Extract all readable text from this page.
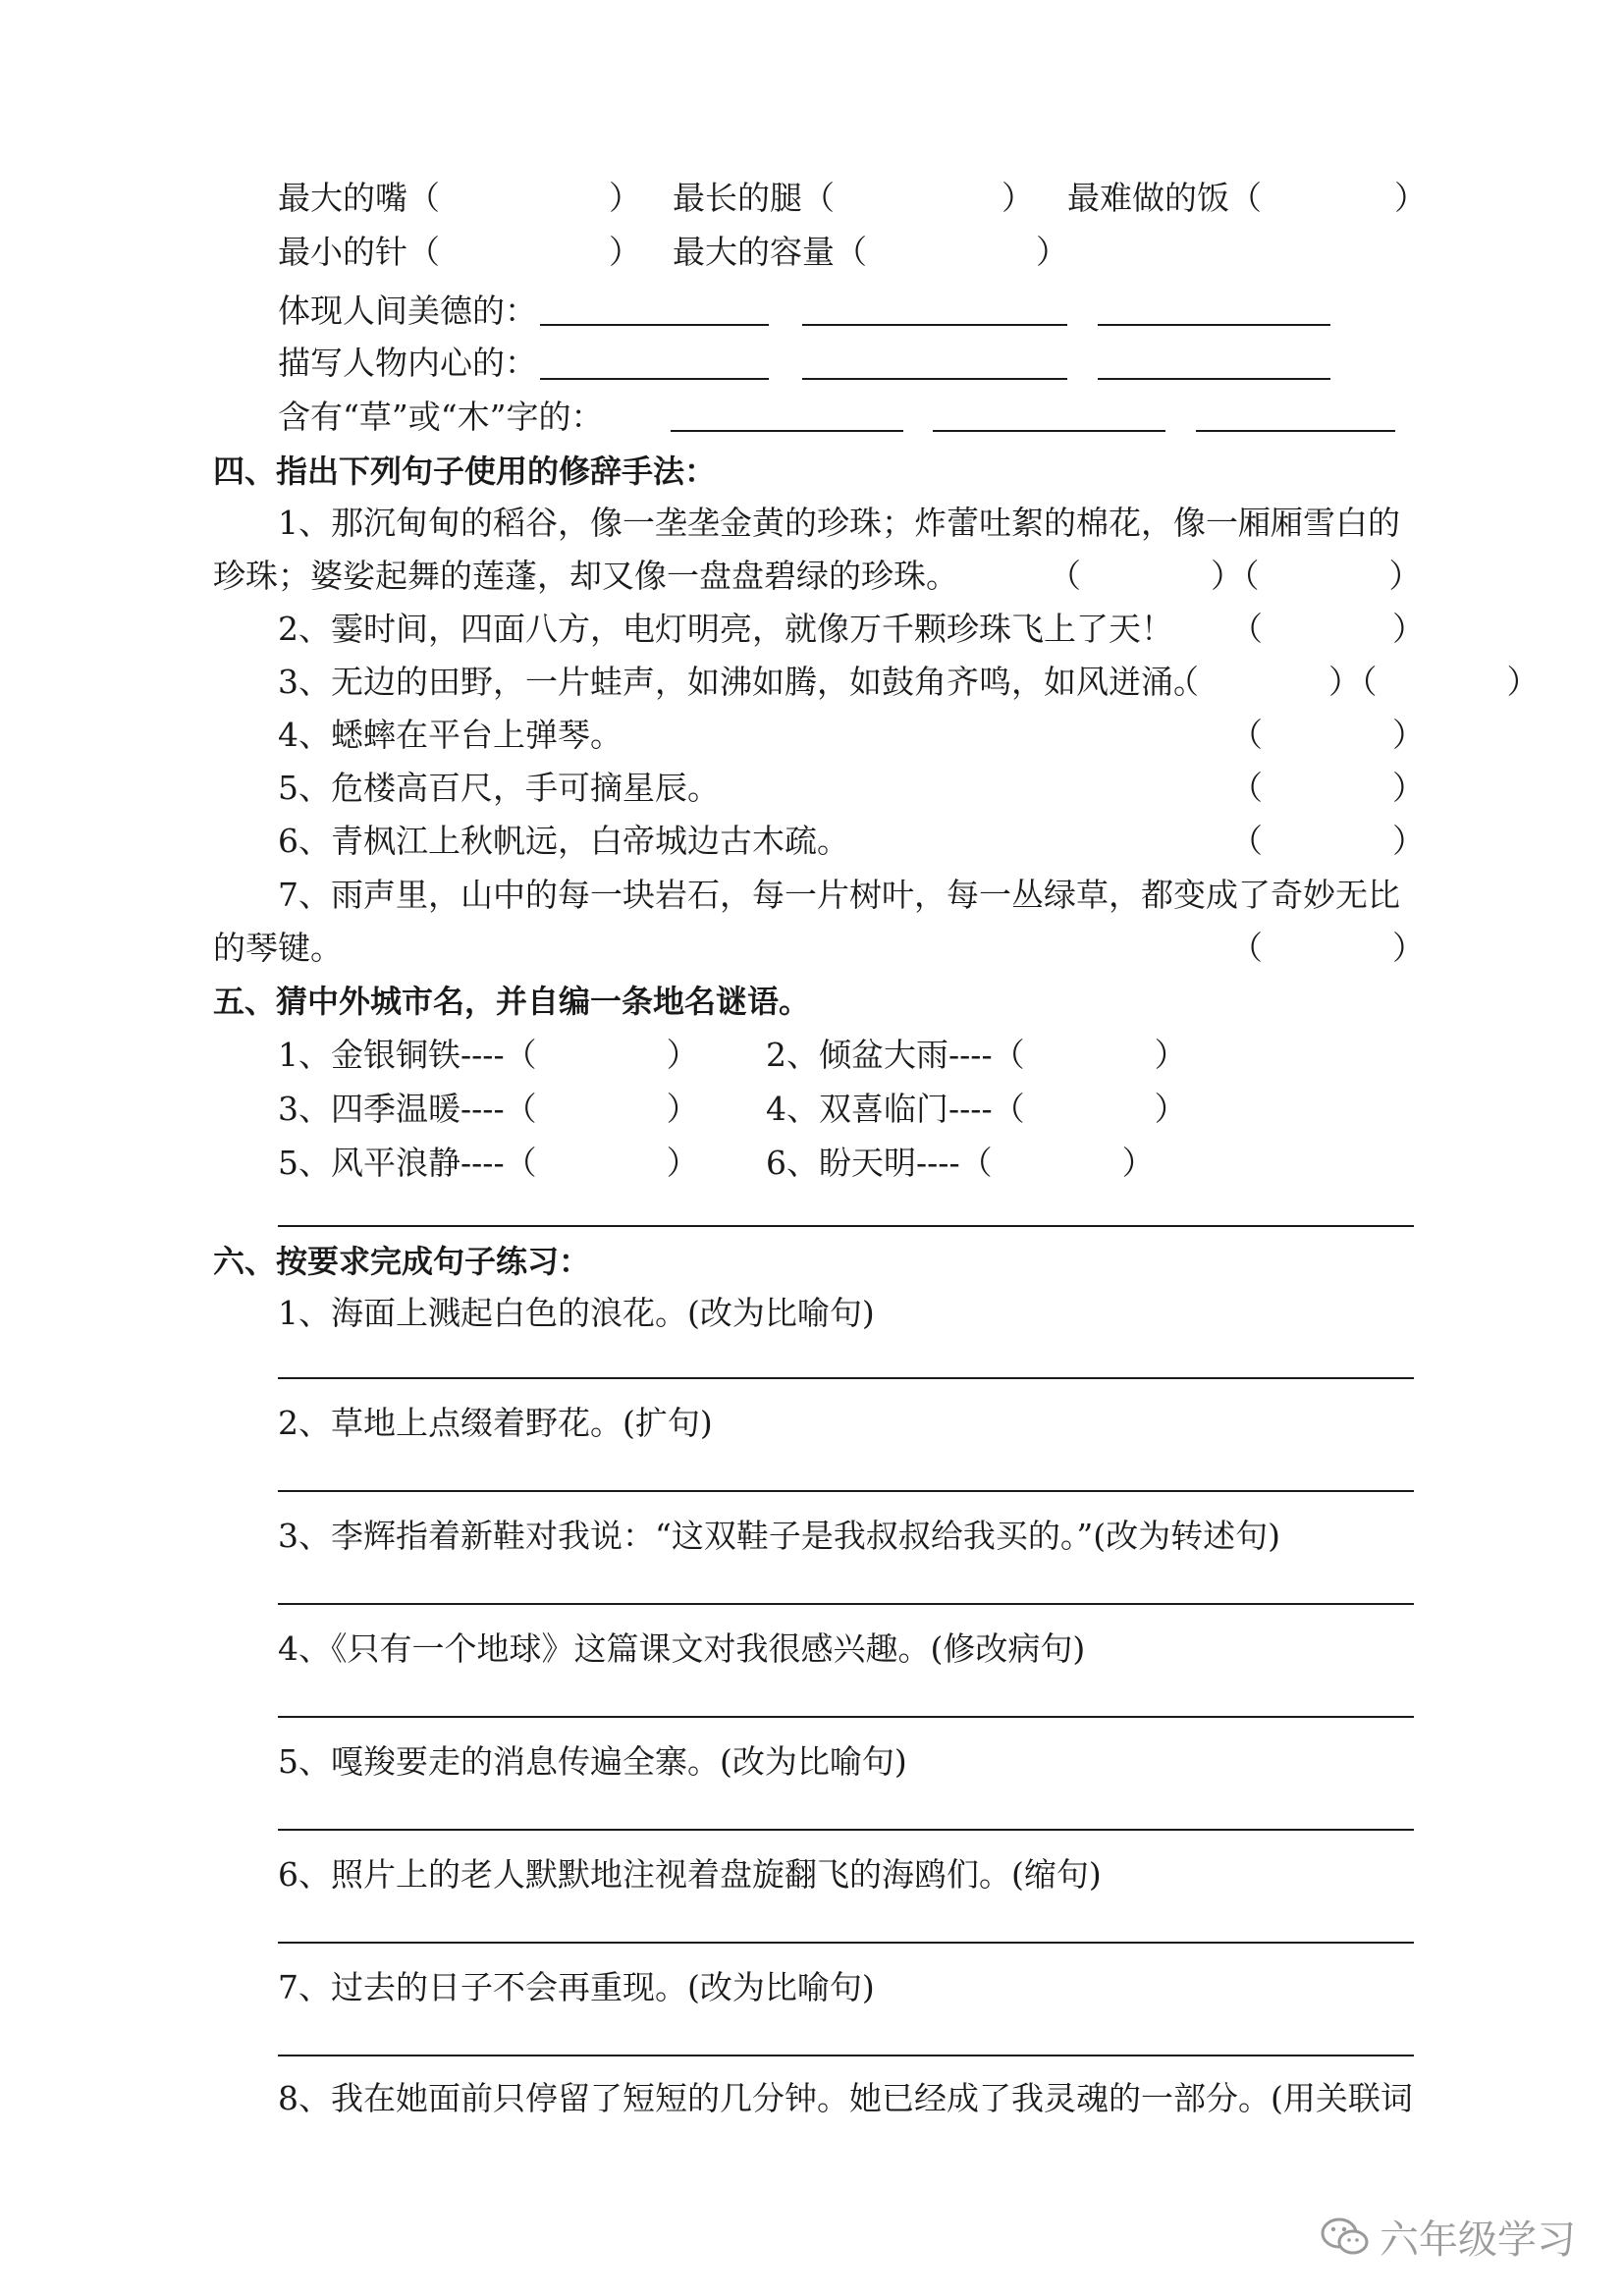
最大的嘴（	） 最长的腿（	） 最难做的饭（	）
最小的针（	） 最大的容量（	）
体现人间美德的：
描写人物内心的：
含有“草”或“木”字的：
四、指出下列句子使用的修辞手法：
1、那沉甸甸的稻谷，像一垄垄金黄的珍珠；炸蕾吐絮的棉花，像一厢厢雪白的
珍珠；婆娑起舞的莲蓬，却又像一盘盘碧绿的珍珠。	（　　　　）（　　　　）
2、霎时间，四面八方，电灯明亮，就像万千颗珍珠飞上了天！ （　　　　）
3、无边的田野，一片蛙声，如沸如腾，如鼓角齐鸣，如风迸涌。
（　　　　）（　　　　）
4、蟋蟀在平台上弹琴。	（　　　　）
5、危楼高百尺，手可摘星辰。	（　　　　）
6、青枫江上秋帆远，白帝城边古木疏。	（　　　　）
7、雨声里，山中的每一块岩石，每一片树叶，每一丛绿草，都变成了奇妙无比
的琴键。	（　　　　）
五、猜中外城市名，并自编一条地名谜语。
1、金银铜铁----（　　　　） 2、倾盆大雨----（　　　　）
3、四季温暖----（　　　　） 4、双喜临门----（　　　　）
5、风平浪静----（　　　　） 6、盼天明----（　　　　）
六、按要求完成句子练习：
1、海面上溅起白色的浪花。(改为比喻句)
2、草地上点缀着野花。(扩句)
3、李辉指着新鞋对我说：“这双鞋子是我叔叔给我买的。”(改为转述句)
4、《只有一个地球》这篇课文对我很感兴趣。(修改病句)
5、嘎羧要走的消息传遍全寨。(改为比喻句)
6、照片上的老人默默地注视着盘旋翻飞的海鸥们。(缩句)
7、过去的日子不会再重现。(改为比喻句)
8、我在她面前只停留了短短的几分钟。她已经成了我灵魂的一部分。(用关联词
六年级学习
